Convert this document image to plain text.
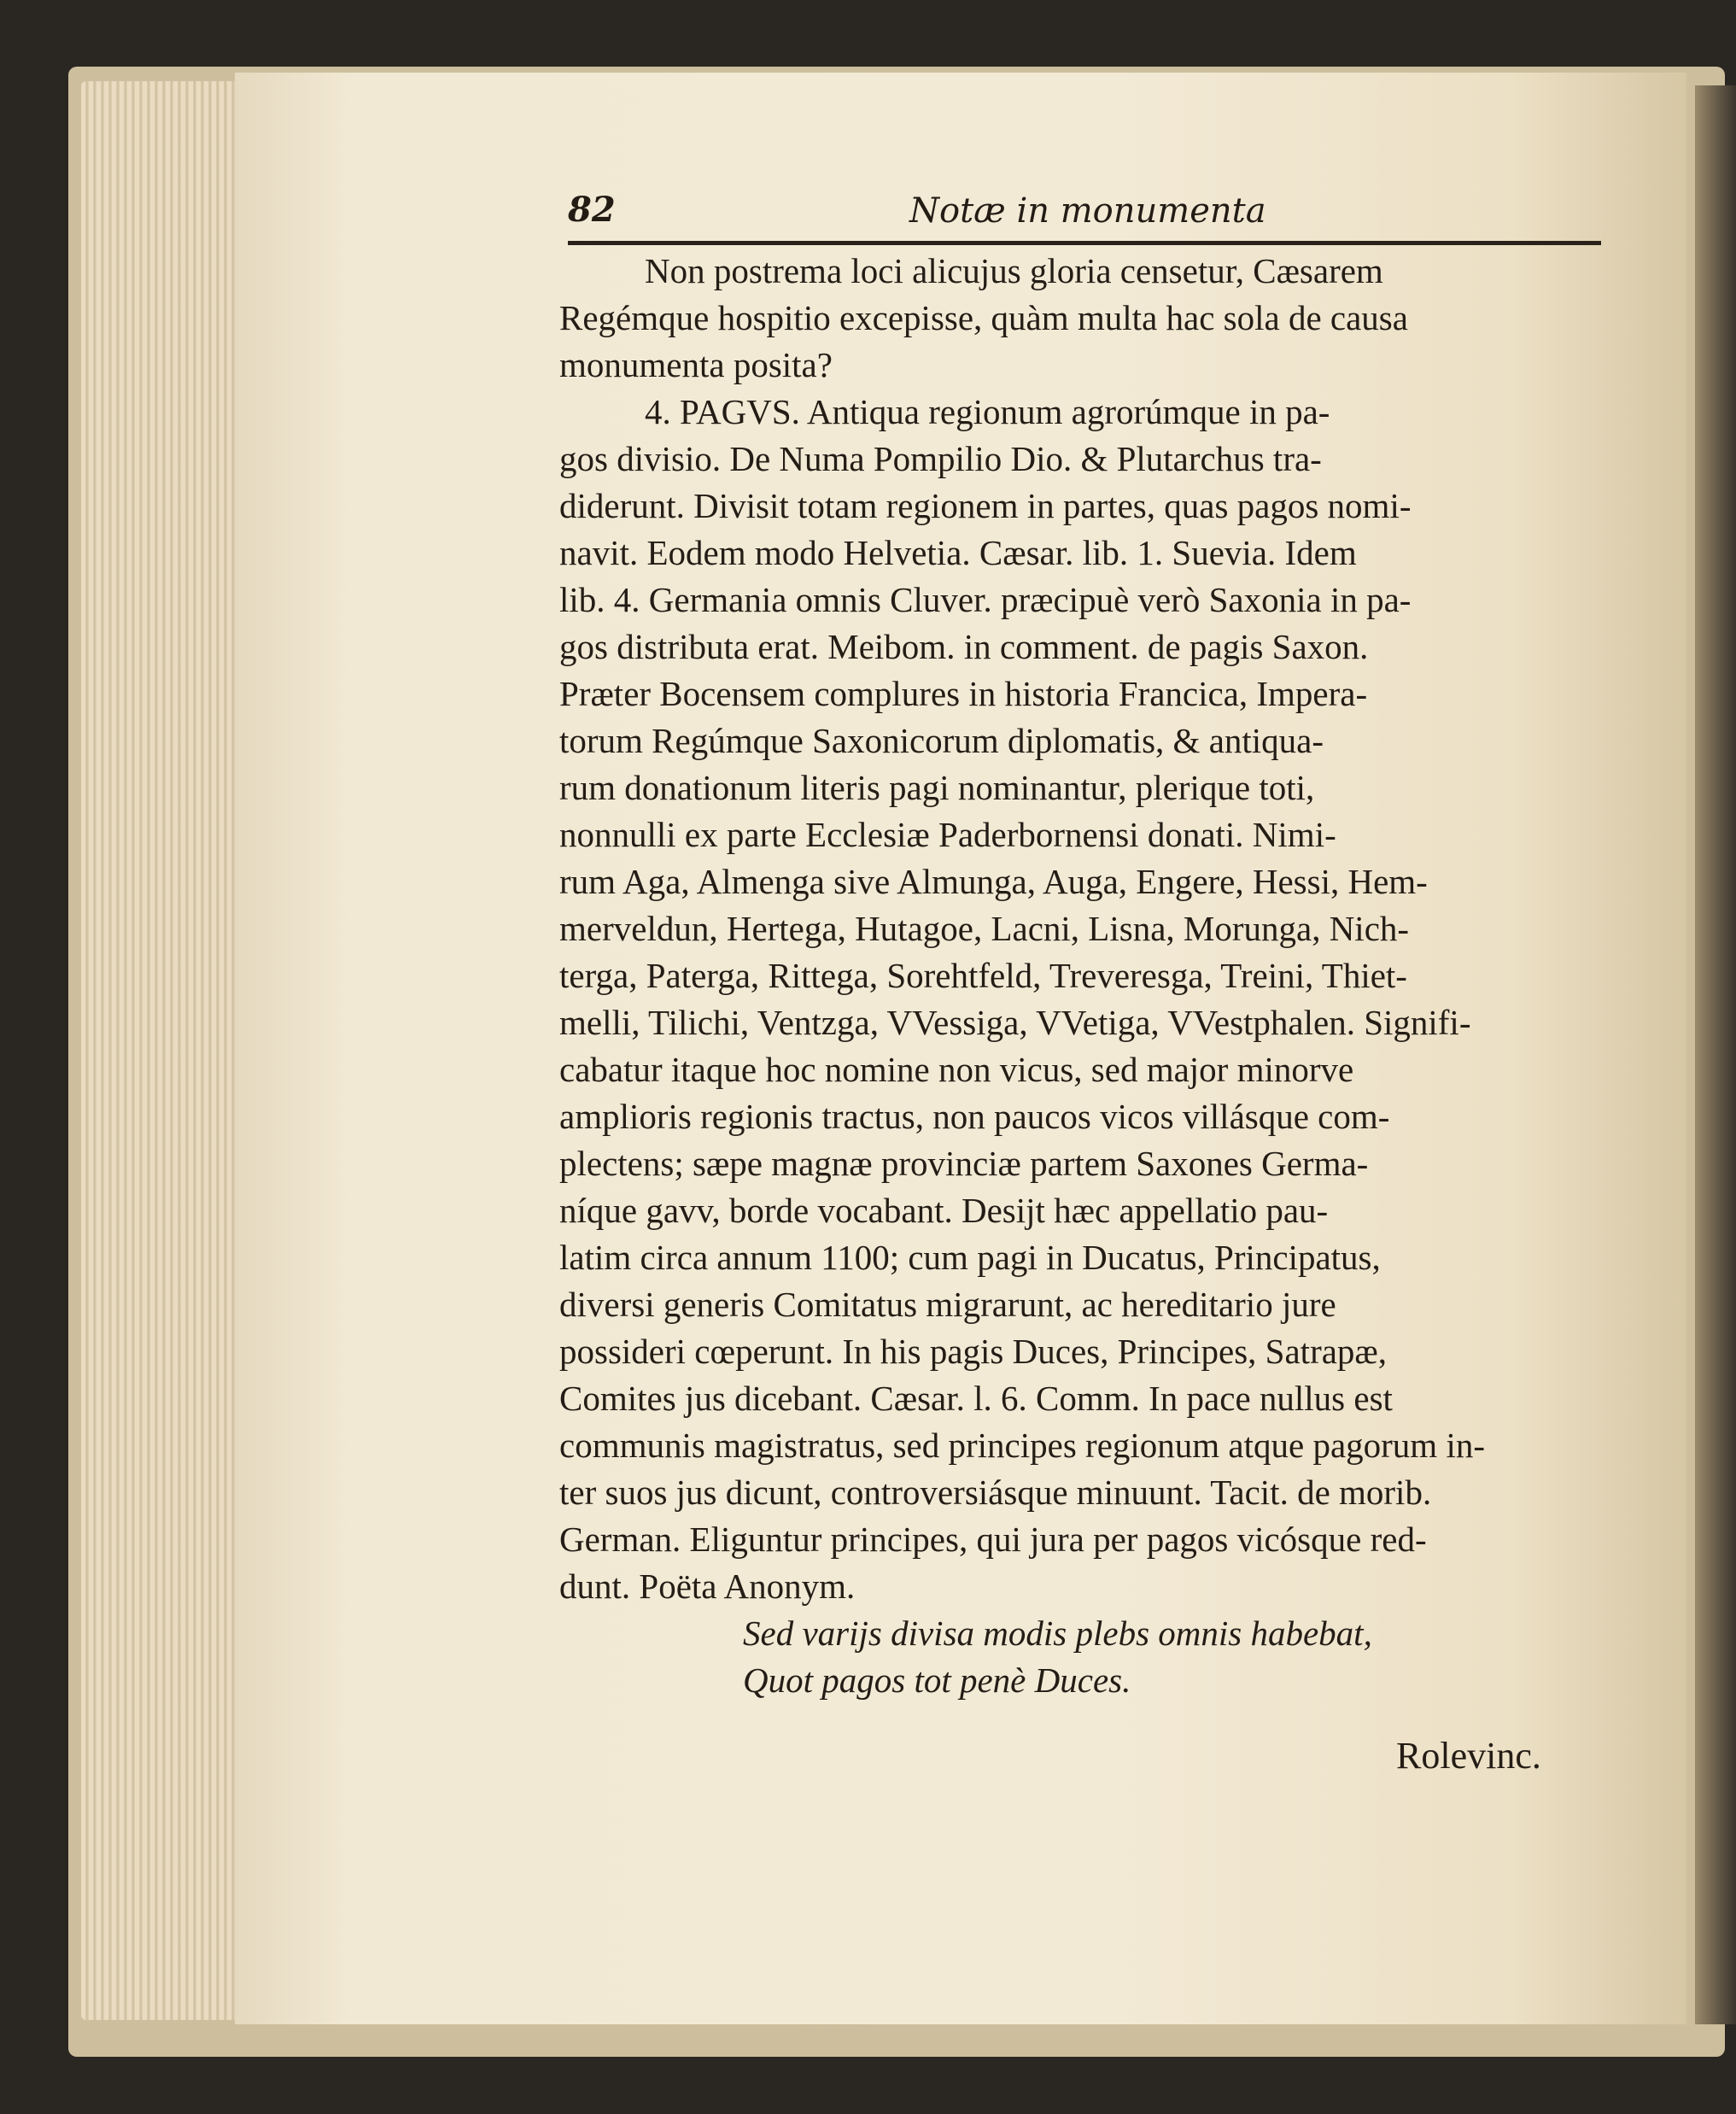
82	Notæ in monumenta
Non postrema loci alicujus gloria censetur, Cæsarem
Regémque hospitio excepisse, quàm multa hac sola de causa
monumenta posita?
4. PAGVS. Antiqua regionum agrorúmque in pa-
gos divisio. De Numa Pompilio Dio. & Plutarchus tra-
diderunt. Divisit totam regionem in partes, quas pagos nomi-
navit. Eodem modo Helvetia. Cæsar. lib. 1. Suevia. Idem
lib. 4. Germania omnis Cluver. præcipuè verò Saxonia in pa-
gos distributa erat. Meibom. in comment. de pagis Saxon.
Præter Bocensem complures in historia Francica, Impera-
torum Regúmque Saxonicorum diplomatis, & antiqua-
rum donationum literis pagi nominantur, plerique toti,
nonnulli ex parte Ecclesiæ Paderbornensi donati. Nimi-
rum Aga, Almenga sive Almunga, Auga, Engere, Hessi, Hem-
merveldun, Hertega, Hutagoe, Lacni, Lisna, Morunga, Nich-
terga, Paterga, Rittega, Sorehtfeld, Treveresga, Treini, Thiet-
melli, Tilichi, Ventzga, VVessiga, VVetiga, VVestphalen. Signifi-
cabatur itaque hoc nomine non vicus, sed major minorve
amplioris regionis tractus, non paucos vicos villásque com-
plectens; sæpe magnæ provinciæ partem Saxones Germa-
níque gavv, borde vocabant. Desijt hæc appellatio pau-
latim circa annum 1100; cum pagi in Ducatus, Principatus,
diversi generis Comitatus migrarunt, ac hereditario jure
possideri cœperunt. In his pagis Duces, Principes, Satrapæ,
Comites jus dicebant. Cæsar. l. 6. Comm. In pace nullus est
communis magistratus, sed principes regionum atque pagorum in-
ter suos jus dicunt, controversiásque minuunt. Tacit. de morib.
German. Eliguntur principes, qui jura per pagos vicósque red-
dunt. Poëta Anonym.
Sed varijs divisa modis plebs omnis habebat,
Quot pagos tot penè Duces.
Rolevinc.
